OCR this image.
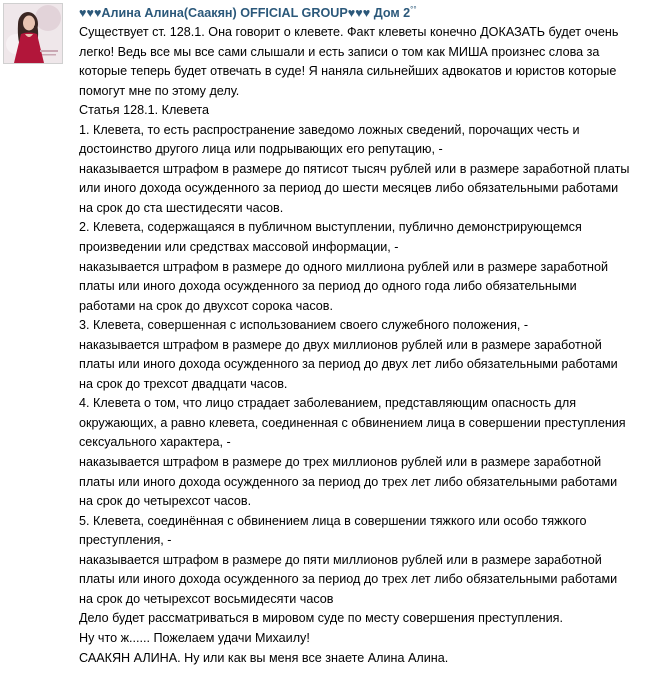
♥♥♥Алина Алина(Саакян) OFFICIAL GROUP♥♥♥ Дом 2°°

Существует ст. 128.1. Она говорит о клевете. Факт клеветы конечно ДОКАЗАТЬ будет очень

легко! Ведь все мы все сами слышали и есть записи о том как МИША произнес слова за

которые теперь будет отвечать в суде! Я наняла сильнейших адвокатов и юристов которые

помогут мне по этому делу.

Статья 128.1. Клевета

1. Клевета, то есть распространение заведомо ложных сведений, порочащих честь и

достоинство другого лица или подрывающих его репутацию, -

наказывается штрафом в размере до пятисот тысяч рублей или в размере заработной платы

или иного дохода осужденного за период до шести месяцев либо обязательными работами

на срок до ста шестидесяти часов.

2. Клевета, содержащаяся в публичном выступлении, публично демонстрирующемся

произведении или средствах массовой информации, -

наказывается штрафом в размере до одного миллиона рублей или в размере заработной

платы или иного дохода осужденного за период до одного года либо обязательными

работами на срок до двухсот сорока часов.

3. Клевета, совершенная с использованием своего служебного положения, -

наказывается штрафом в размере до двух миллионов рублей или в размере заработной

платы или иного дохода осужденного за период до двух лет либо обязательными работами

на срок до трехсот двадцати часов.

4. Клевета о том, что лицо страдает заболеванием, представляющим опасность для

окружающих, а равно клевета, соединенная с обвинением лица в совершении преступления

сексуального характера, -

наказывается штрафом в размере до трех миллионов рублей или в размере заработной

платы или иного дохода осужденного за период до трех лет либо обязательными работами

на срок до четырехсот часов.

5. Клевета, соединённая с обвинением лица в совершении тяжкого или особо тяжкого

преступления, -

наказывается штрафом в размере до пяти миллионов рублей или в размере заработной

платы или иного дохода осужденного за период до трех лет либо обязательными работами

на срок до четырехсот восьмидесяти часов

Дело будет рассматриваться в мировом суде по месту совершения преступления.

Ну что ж...... Пожелаем удачи Михаилу!

САAКЯН АЛИНА. Ну или как вы меня все знаете Алина Алина.
